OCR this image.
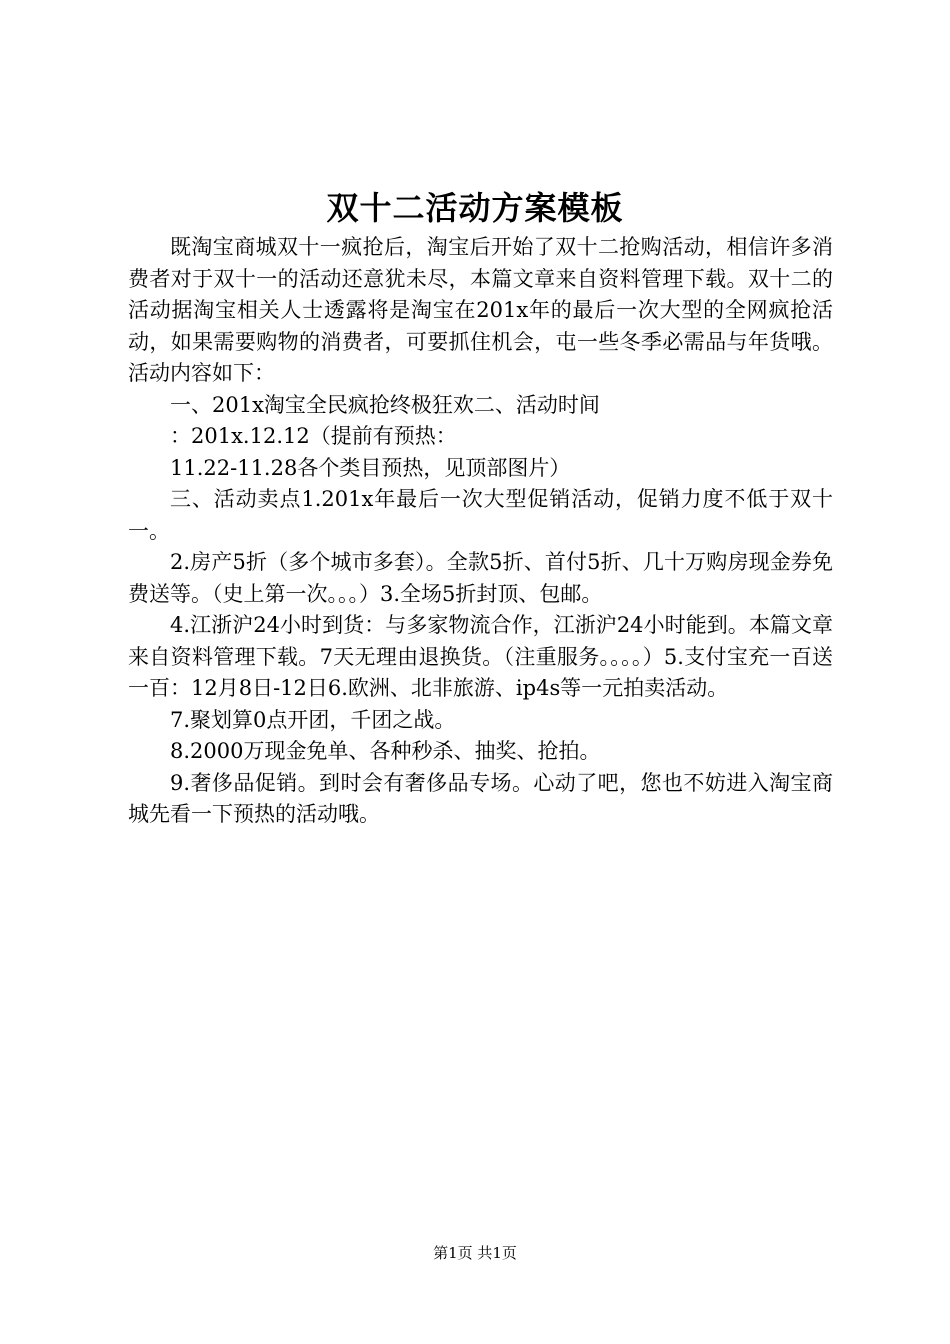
双十二活动方案模板

既淘宝商城双十一疯抢后，淘宝后开始了双十二抢购活动，相信许多消费者对于双十一的活动还意犹未尽，本篇文章来自资料管理下载。双十二的活动据淘宝相关人士透露将是淘宝在201x年的最后一次大型的全网疯抢活动，如果需要购物的消费者，可要抓住机会，屯一些冬季必需品与年货哦。活动内容如下：

一、201x淘宝全民疯抢终极狂欢二、活动时间

：201x.12.12（提前有预热：

11.22-11.28各个类目预热，见顶部图片）

三、活动卖点1.201x年最后一次大型促销活动，促销力度不低于双十一。

2.房产5折（多个城市多套）。全款5折、首付5折、几十万购房现金券免费送等。（史上第一次。。。）3.全场5折封顶、包邮。

4.江浙沪24小时到货：与多家物流合作，江浙沪24小时能到。本篇文章来自资料管理下载。7天无理由退换货。（注重服务。。。。）5.支付宝充一百送一百：12月8日-12日6.欧洲、北非旅游、ip4s等一元拍卖活动。

7.聚划算0点开团，千团之战。

8.2000万现金免单、各种秒杀、抽奖、抢拍。

9.奢侈品促销。到时会有奢侈品专场。心动了吧，您也不妨进入淘宝商城先看一下预热的活动哦。

第1页 共1页
